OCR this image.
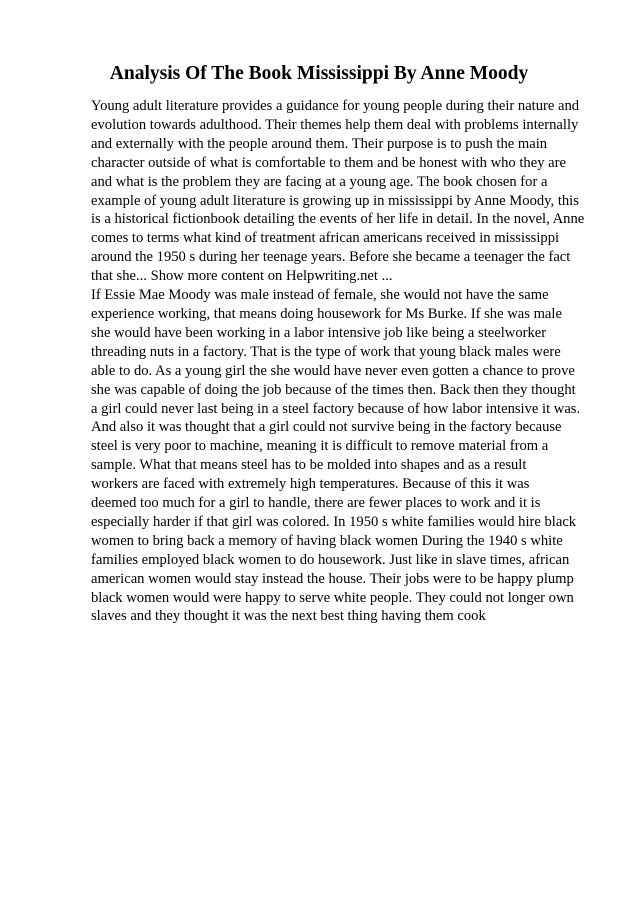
Analysis Of The Book Mississippi By Anne Moody
Young adult literature provides a guidance for young people during their nature and
evolution towards adulthood. Their themes help them deal with problems internally
and externally with the people around them. Their purpose is to push the main
character outside of what is comfortable to them and be honest with who they are
and what is the problem they are facing at a young age. The book chosen for a
example of young adult literature is growing up in mississippi by Anne Moody, this
is a historical fictionbook detailing the events of her life in detail. In the novel, Anne
comes to terms what kind of treatment african americans received in mississippi
around the 1950 s during her teenage years. Before she became a teenager the fact
that she... Show more content on Helpwriting.net ...
If Essie Mae Moody was male instead of female, she would not have the same
experience working, that means doing housework for Ms Burke. If she was male
she would have been working in a labor intensive job like being a steelworker
threading nuts in a factory. That is the type of work that young black males were
able to do. As a young girl the she would have never even gotten a chance to prove
she was capable of doing the job because of the times then. Back then they thought
a girl could never last being in a steel factory because of how labor intensive it was.
And also it was thought that a girl could not survive being in the factory because
steel is very poor to machine, meaning it is difficult to remove material from a
sample. What that means steel has to be molded into shapes and as a result
workers are faced with extremely high temperatures. Because of this it was
deemed too much for a girl to handle, there are fewer places to work and it is
especially harder if that girl was colored. In 1950 s white families would hire black
women to bring back a memory of having black women During the 1940 s white
families employed black women to do housework. Just like in slave times, african
american women would stay instead the house. Their jobs were to be happy plump
black women would were happy to serve white people. They could not longer own
slaves and they thought it was the next best thing having them cook
